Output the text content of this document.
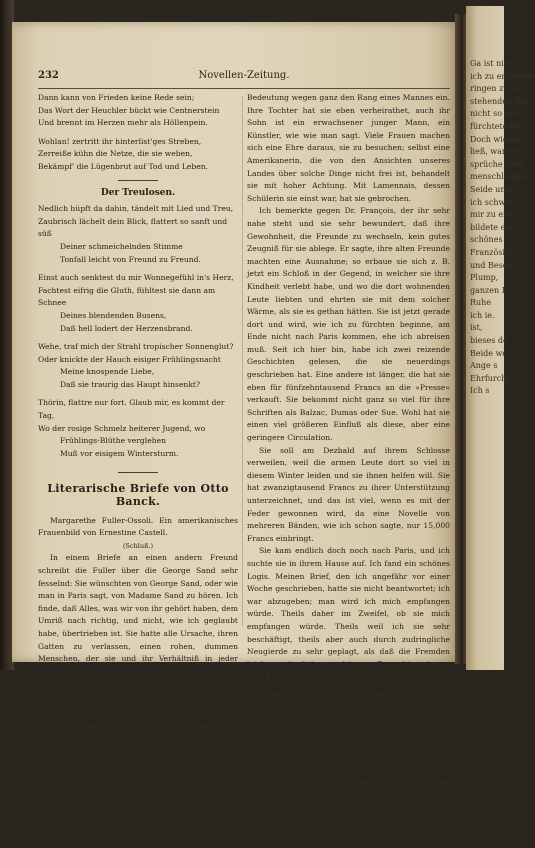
Ga ist nie,
ich zu erkennen
ringen zu w
stehenden De
nicht so ver
fürchtete ich
Doch wieder
ließ, ware w
sprüche ganz
menschlichen
Seide und
ich schwat
mir zu ein
bildete ein
schönes C
Französin,
und Beschl
Plump,
ganzen L
Ruhe
ich ie.
ist,
bieses de
Beide we
Ange s
Ehrfurcht
Ich s
232	Novellen-Zeitung.
Dann kann von Frieden keine Rede sein;
Das Wort der Heuchler bückt wie Centnerstein
Und brennt im Herzen mehr als Höllenpein.
Wohlan! zertritt ihr hinterlist'ges Streben,
Zerreiße kühn die Netze, die sie weben,
Bekämpf' die Lügenbrut auf Tod und Leben.
Der Treulosen.
Nedlich hüpft da dahin, tändelt mit Lied und Treu,
Zaubrisch lächelt dein Blick, flattert so sanft und süß
Deiner schmeichelnden Stimme
Tonfall leicht von Freund zu Freund.
Einst auch senktest du mir Wonnegefühl in's Herz,
Fachtest eifrig die Gluth, fühltest sie dann am Schnee
Deines blendenden Busens,
Daß hell lodert der Herzensbrand.
Wehe, traf mich der Strahl tropischer Sonnenglut?
Oder knickte der Hauch eisiger Frühlingsnacht
Meine knospende Liebe,
Daß sie traurig das Haupt hinsenkt?
Thörin, flattre nur fort. Glaub mir, es kommt der Tag,
Wo der rosige Schmelz heiterer Jugend, wo
Frühlings-Blüthe verglehen
Muß vor eisigem Wintersturm.
Literarische Briefe von Otto Banck.

Margarethe Fuller-Ossoli. Ein amerikanisches Frauenbild von Ernestine Castell.

(Schluß.)

In einem Briefe an einen andern Freund schreibt die Fuller über die George Sand sehr fesselnd: Sie wünschten von George Sand, oder wie man in Paris sagt, von Madame Sand zu hören. Ich finde, daß Alles, was wir von ihr gehört haben, dem Umriß nach richtig, und nicht, wie ich geglaubt habe, übertrieben ist. Sie hatte alle Ursache, ihren Gatten zu verlassen, einen rohen, dummen Menschen, der sie und ihr Verhältniß in jeder Weise beleidigte und vernachlässigte. Später gab er ihr die ganze Summe Geld ihr Kind zurück. Aber die Neigung, um deren willen sie ihn verließ, war auch von keiner Dauer. Sie soll eine Reihe von Liebhabern gehabt haben und noch jetzt mit einem gegenwärtigen auf dem Fuße unabhängiger Freundschaft und gemeinschaftlicher Mittel leben. In der Gesellschaft nimmt sie ihrer geistigen

Bedeutung wegen ganz den Rang eines Mannes ein. Ihre Tochter hat sie eben verheirathet, auch ihr Sohn ist ein erwachsener junger Mann, ein Künstler, wie wie man sagt. Viele Frauen machen sich eine Ehre daraus, sie zu besuchen; selbst eine Amerikanerin, die von den Ansichten unseres Landes über solche Dinge nicht frei ist, behandelt sie mit hoher Achtung. Mit Lamennais, dessen Schülerin sie einst war, hat sie gebrochen.

Ich bemerkte gegen Dr. François, der ihr sehr nahe steht und sie sehr bewundert, daß ihre Gewohnheit, die Freunde zu wechseln, kein gutes Zeugniß für sie ablege. Er sagte, ihre alten Freunde machten eine Ausnahme; so erbaue sie sich z. B. jetzt ein Schloß in der Gegend, in welcher sie ihre Kindheit verlebt habe, und wo die dort wohnenden Leute liebten und ehrten sie mit dem solcher Wärme, als sie es gethan hätten. Sie ist jetzt gerade dort und wird, wie ich zu fürchten beginne, am Ende nicht nach Paris kommen, ehe ich abreisen muß. Seit ich hier bin, habe ich zwei reizende Geschichten gelesen, die sie neuerdings geschrieben hat. Eine andere ist länger, die hat sie eben für fünfzehntausend Francs an die »Presse« verkauft. Sie bekommt nicht ganz so viel für ihre Schriften als Balzac, Dumas oder Sue. Wohl hat sie einen viel größeren Einfluß als diese, aber eine geringere Circulation.

Sie soll am Dezbald auf ihrem Schlosse verweilen, weil die armen Leute dort so viel in diesem Winter leiden und sie ihnen helfen will. Sie hat zwanzigtausend Francs zu ihrer Unterstützung unterzeichnet, und das ist viel, wenn es mit der Feder gewonnen wird, da eine Novelle von mehreren Bänden, wie ich schon sagte, nur 15,000 Francs einbringt.

Sie kam endlich doch noch nach Paris, und ich suchte sie in ihrem Hause auf. Ich fand ein schönes Logis. Meinen Brief, den ich ungefähr vor einer Woche geschrieben, hatte sie nicht beantwortet; ich war abzugeben; man wird ich mich empfangen würde. Theils daher im Zweifel, ob sie mich empfangen würde. Theils weil ich sie sehr beschäftigt, theils aber auch durch zudringliche Neugierde zu sehr geplagt, als daß die Fremden leicht zugänglich sein könnte. Zwar bin ich gar nicht furchtsam, ich gehe selbst in den Frankreich zum ersten Mal fühlte, aber ich habe in Frankreich zum ersten Mal einige Qualen der mauvaise honte kennen gelernt, genug, um zu wissen, was sie für Viele sein müssen.

Es ist Gebrauch, die Empfehlungsbriefe in Person abzugeben; man weiß daher nie, ob Diejenigen, denen man sie bringt, den Besuch gern sehen. Außerdem würde mein Name von der amerikanischen Unterschrift entstellt gemeldet. Ich spreche schlecht Französisch, und nur in letzter Zeit ist es mir gelungen, in einer Unterhaltung, die ich in dieser Sprache führe, Etwas von meiner natürlichen Lebhaftigkeit zu übertragen.
